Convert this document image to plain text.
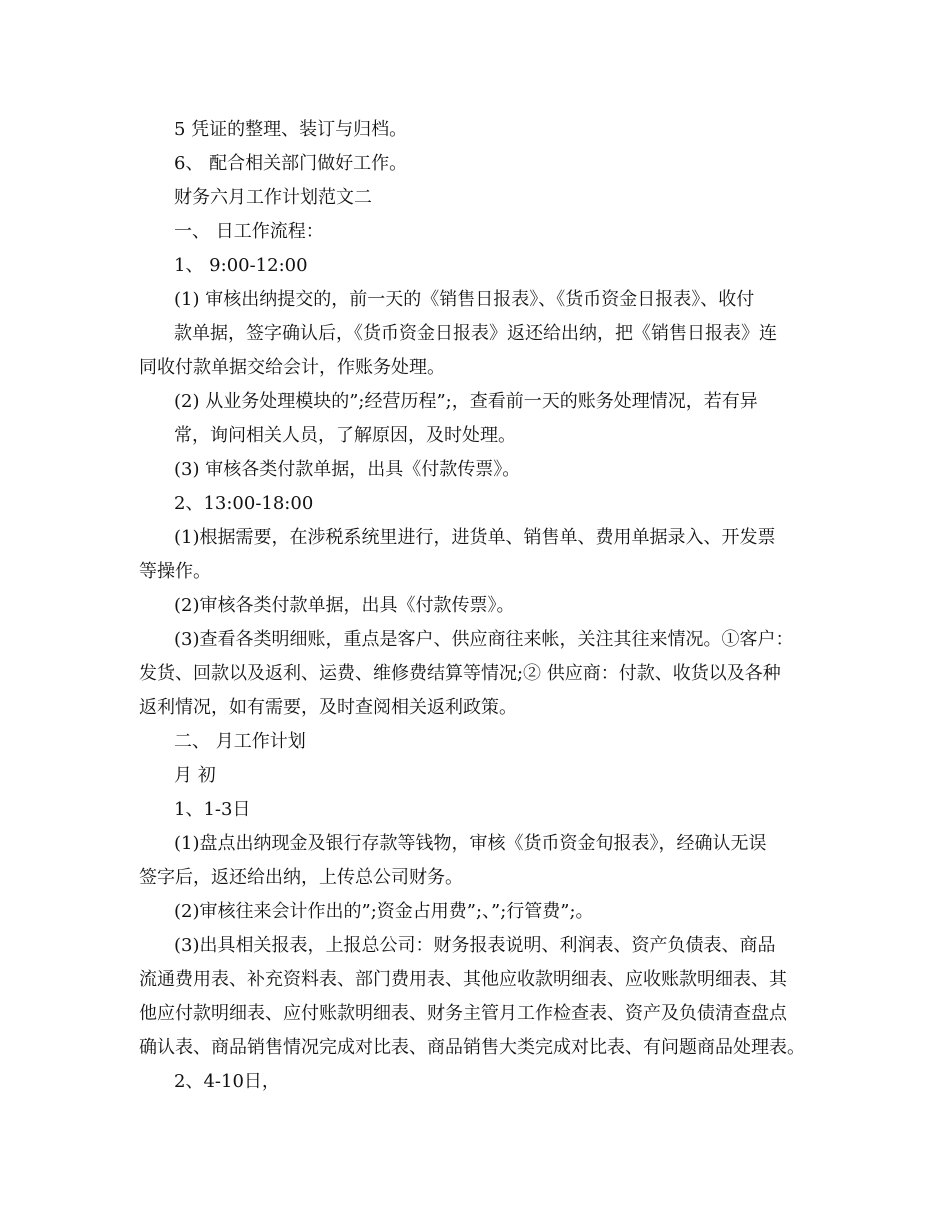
5 凭证的整理、装订与归档。
6、 配合相关部门做好工作。
财务六月工作计划范文二
一、 日工作流程：
1、 9:00-12:00
(1) 审核出纳提交的，前一天的《销售日报表》、《货币资金日报表》、收付
款单据，签字确认后，《货币资金日报表》返还给出纳，把《销售日报表》连
同收付款单据交给会计，作账务处理。
(2) 从业务处理模块的”;经营历程”;，查看前一天的账务处理情况，若有异
常，询问相关人员，了解原因，及时处理。
(3) 审核各类付款单据，出具《付款传票》。
2、13:00-18:00
(1)根据需要，在涉税系统里进行，进货单、销售单、费用单据录入、开发票
等操作。
(2)审核各类付款单据，出具《付款传票》。
(3)查看各类明细账，重点是客户、供应商往来帐，关注其往来情况。①客户：
发货、回款以及返利、运费、维修费结算等情况;② 供应商：付款、收货以及各种
返利情况，如有需要，及时查阅相关返利政策。
二、 月工作计划
月 初
1、1-3日
(1)盘点出纳现金及银行存款等钱物，审核《货币资金旬报表》，经确认无误
签字后，返还给出纳，上传总公司财务。
(2)审核往来会计作出的”;资金占用费”;、”;行管费”;。
(3)出具相关报表，上报总公司：财务报表说明、利润表、资产负债表、商品
流通费用表、补充资料表、部门费用表、其他应收款明细表、应收账款明细表、其
他应付款明细表、应付账款明细表、财务主管月工作检查表、资产及负债清查盘点
确认表、商品销售情况完成对比表、商品销售大类完成对比表、有问题商品处理表。
2、4-10日，
